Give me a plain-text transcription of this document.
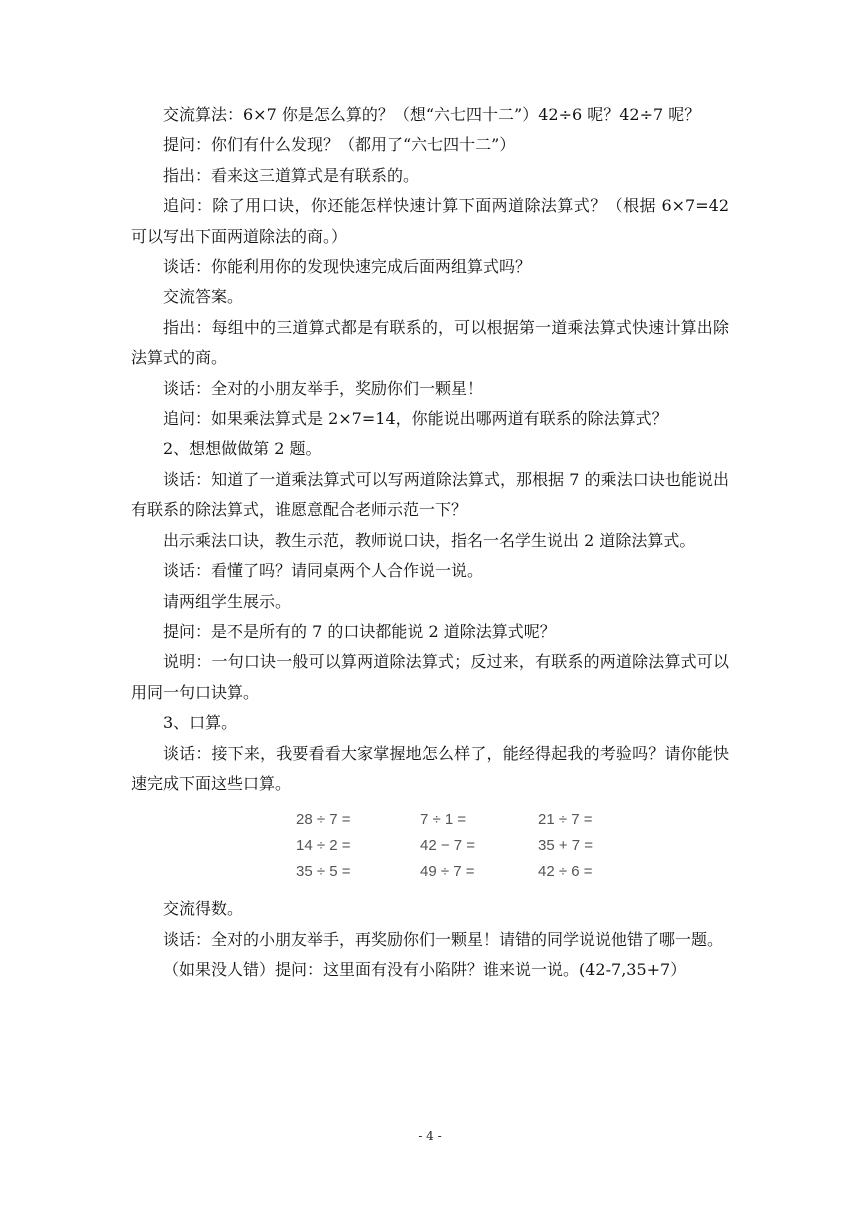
交流算法：6×7 你是怎么算的？（想“六七四十二”）42÷6 呢？42÷7 呢？

提问：你们有什么发现？（都用了“六七四十二”）

指出：看来这三道算式是有联系的。

追问：除了用口诀，你还能怎样快速计算下面两道除法算式？（根据 6×7=42 可以写出下面两道除法的商。）

谈话：你能利用你的发现快速完成后面两组算式吗？

交流答案。

指出：每组中的三道算式都是有联系的，可以根据第一道乘法算式快速计算出除法算式的商。

谈话：全对的小朋友举手，奖励你们一颗星！

追问：如果乘法算式是 2×7=14，你能说出哪两道有联系的除法算式？

2、想想做做第 2 题。

谈话：知道了一道乘法算式可以写两道除法算式，那根据 7 的乘法口诀也能说出有联系的除法算式，谁愿意配合老师示范一下？

出示乘法口诀，教生示范，教师说口诀，指名一名学生说出 2 道除法算式。

谈话：看懂了吗？请同桌两个人合作说一说。

请两组学生展示。

提问：是不是所有的 7 的口诀都能说 2 道除法算式呢？

说明：一句口诀一般可以算两道除法算式；反过来，有联系的两道除法算式可以用同一句口诀算。

3、口算。

谈话：接下来，我要看看大家掌握地怎么样了，能经得起我的考验吗？请你能快速完成下面这些口算。

28 ÷ 7 =	7 ÷ 1 =	21 ÷ 7 =
14 ÷ 2 =	42 − 7 =	35 + 7 =
35 ÷ 5 =	49 ÷ 7 =	42 ÷ 6 =

交流得数。

谈话：全对的小朋友举手，再奖励你们一颗星！请错的同学说说他错了哪一题。

（如果没人错）提问：这里面有没有小陷阱？谁来说一说。(42-7,35+7）

- 4 -
